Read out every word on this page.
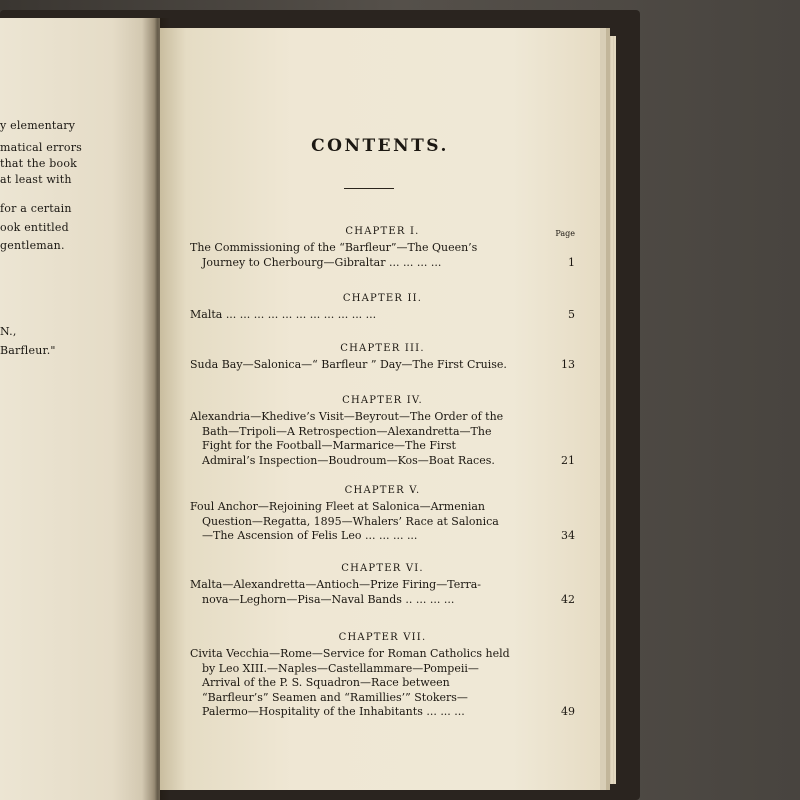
y elementary
matical errors
that the book
at least with
for a certain
ook entitled
gentleman.
N.,
Barfleur."
CONTENTS.
CHAPTER I.	Page
The Commissioning of the “Barfleur”—The Queen’s
Journey to Cherbourg—Gibraltar ... ... ... ...	1
CHAPTER II.
Malta ... ... ... ... ... ... ... ... ... ... ...	5
CHAPTER III.
Suda Bay—Salonica—“ Barfleur ” Day—The First Cruise.	13
CHAPTER IV.
Alexandria—Khedive’s Visit—Beyrout—The Order of the
Bath—Tripoli—A Retrospection—Alexandretta—The
Fight for the Football—Marmarice—The First
Admiral’s Inspection—Boudroum—Kos—Boat Races.	21
CHAPTER V.
Foul Anchor—Rejoining Fleet at Salonica—Armenian
Question—Regatta, 1895—Whalers’ Race at Salonica
—The Ascension of Felis Leo ... ... ... ...	34
CHAPTER VI.
Malta—Alexandretta—Antioch—Prize Firing—Terra-
nova—Leghorn—Pisa—Naval Bands .. ... ... ...	42
CHAPTER VII.
Civita Vecchia—Rome—Service for Roman Catholics held
by Leo XIII.—Naples—Castellammare—Pompeii—
Arrival of the P. S. Squadron—Race between
“Barfleur’s” Seamen and “Ramillies’” Stokers—
Palermo—Hospitality of the Inhabitants ... ... ...	49
